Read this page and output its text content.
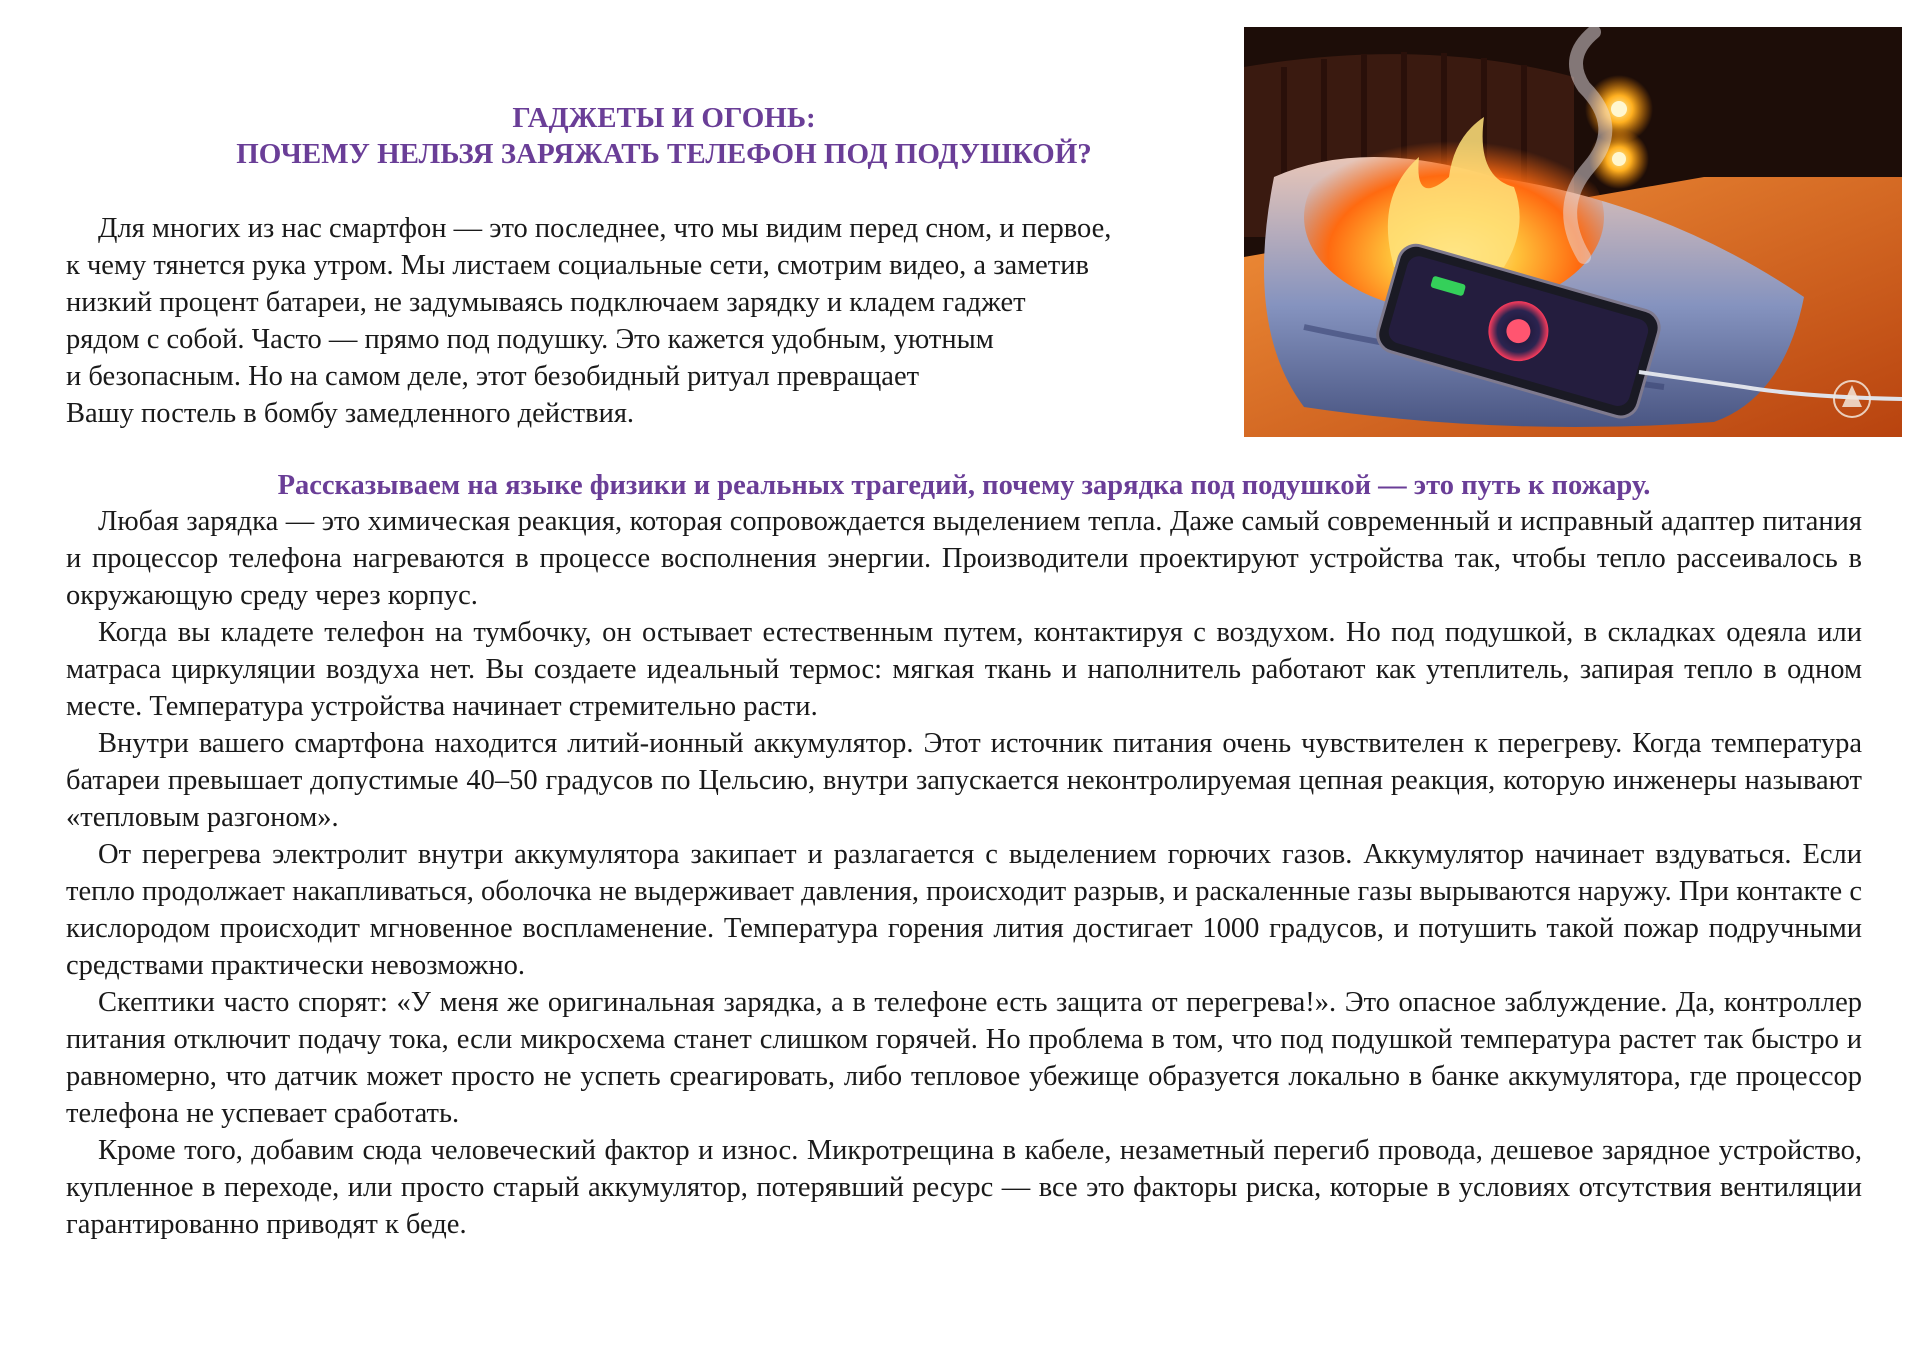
ГАДЖЕТЫ И ОГОНЬ:
ПОЧЕМУ НЕЛЬЗЯ ЗАРЯЖАТЬ ТЕЛЕФОН ПОД ПОДУШКОЙ?
Для многих из нас смартфон — это последнее, что мы видим перед сном, и первое,
к чему тянется рука утром. Мы листаем социальные сети, смотрим видео, а заметив
низкий процент батареи, не задумываясь подключаем зарядку и кладем гаджет
рядом с собой. Часто — прямо под подушку. Это кажется удобным, уютным
и безопасным. Но на самом деле, этот безобидный ритуал превращает
Вашу постель в бомбу замедленного действия.
Рассказываем на языке физики и реальных трагедий, почему зарядка под подушкой — это путь к пожару.

Любая зарядка — это химическая реакция, которая сопровождается выделением тепла. Даже самый современный и исправный адаптер питания и процессор телефона нагреваются в процессе восполнения энергии. Производители проектируют устройства так, чтобы тепло рассеивалось в окружающую среду через корпус.

Когда вы кладете телефон на тумбочку, он остывает естественным путем, контактируя с воздухом. Но под подушкой, в складках одеяла или матраса циркуляции воздуха нет. Вы создаете идеальный термос: мягкая ткань и наполнитель работают как утеплитель, запирая тепло в одном месте. Температура устройства начинает стремительно расти.

Внутри вашего смартфона находится литий-ионный аккумулятор. Этот источник питания очень чувствителен к перегреву. Когда температура батареи превышает допустимые 40–50 градусов по Цельсию, внутри запускается неконтролируемая цепная реакция, которую инженеры называют «тепловым разгоном».

От перегрева электролит внутри аккумулятора закипает и разлагается с выделением горючих газов. Аккумулятор начинает вздуваться. Если тепло продолжает накапливаться, оболочка не выдерживает давления, происходит разрыв, и раскаленные газы вырываются наружу. При контакте с кислородом происходит мгновенное воспламенение. Температура горения лития достигает 1000 градусов, и потушить такой пожар подручными средствами практически невозможно.

Скептики часто спорят: «У меня же оригинальная зарядка, а в телефоне есть защита от перегрева!». Это опасное заблуждение. Да, контроллер питания отключит подачу тока, если микросхема станет слишком горячей. Но проблема в том, что под подушкой температура растет так быстро и равномерно, что датчик может просто не успеть среагировать, либо тепловое убежище образуется локально в банке аккумулятора, где процессор телефона не успевает сработать.

Кроме того, добавим сюда человеческий фактор и износ. Микротрещина в кабеле, незаметный перегиб провода, дешевое зарядное устройство, купленное в переходе, или просто старый аккумулятор, потерявший ресурс — все это факторы риска, которые в условиях отсутствия вентиляции гарантированно приводят к беде.
